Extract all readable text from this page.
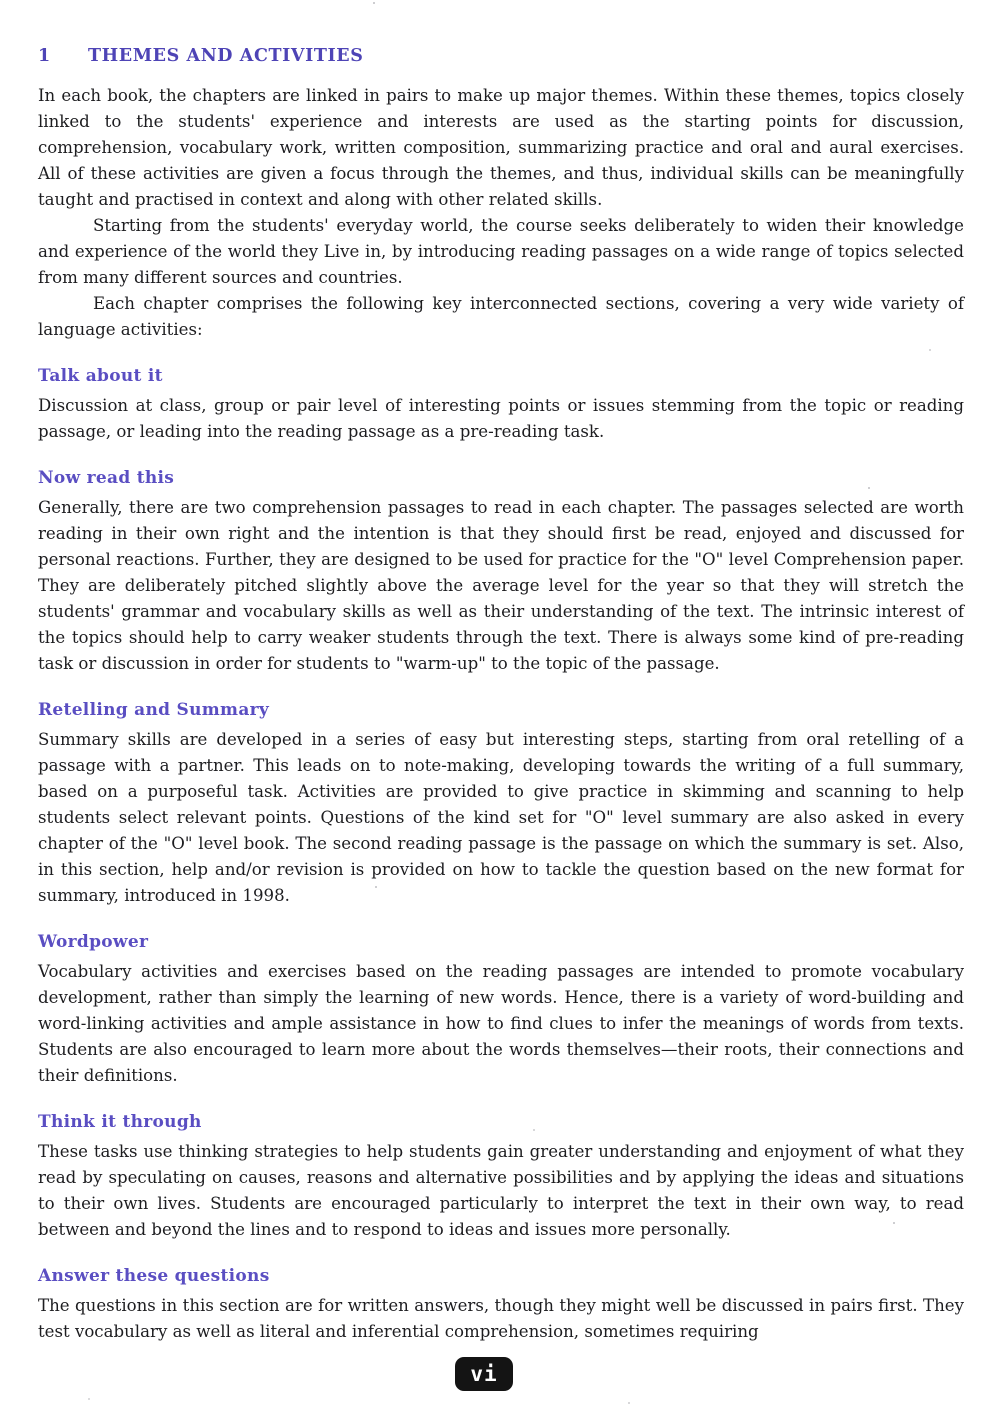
1	THEMES AND ACTIVITIES

In each book, the chapters are linked in pairs to make up major themes. Within these themes, topics closely linked to the students' experience and interests are used as the starting points for discussion, comprehension, vocabulary work, written composition, summarizing practice and oral and aural exercises. All of these activities are given a focus through the themes, and thus, individual skills can be meaningfully taught and practised in context and along with other related skills.

Starting from the students' everyday world, the course seeks deliberately to widen their knowledge and experience of the world they Live in, by introducing reading passages on a wide range of topics selected from many different sources and countries.

Each chapter comprises the following key interconnected sections, covering a very wide variety of language activities:

Talk about it

Discussion at class, group or pair level of interesting points or issues stemming from the topic or reading passage, or leading into the reading passage as a pre-reading task.

Now read this

Generally, there are two comprehension passages to read in each chapter. The passages selected are worth reading in their own right and the intention is that they should first be read, enjoyed and discussed for personal reactions. Further, they are designed to be used for practice for the "O" level Comprehension paper. They are deliberately pitched slightly above the average level for the year so that they will stretch the students' grammar and vocabulary skills as well as their understanding of the text. The intrinsic interest of the topics should help to carry weaker students through the text. There is always some kind of pre-reading task or discussion in order for students to "warm-up" to the topic of the passage.

Retelling and Summary

Summary skills are developed in a series of easy but interesting steps, starting from oral retelling of a passage with a partner. This leads on to note-making, developing towards the writing of a full summary, based on a purposeful task. Activities are provided to give practice in skimming and scanning to help students select relevant points. Questions of the kind set for "O" level summary are also asked in every chapter of the "O" level book. The second reading passage is the passage on which the summary is set. Also, in this section, help and/or revision is provided on how to tackle the question based on the new format for summary, introduced in 1998.

Wordpower

Vocabulary activities and exercises based on the reading passages are intended to promote vocabulary development, rather than simply the learning of new words. Hence, there is a variety of word-building and word-linking activities and ample assistance in how to find clues to infer the meanings of words from texts. Students are also encouraged to learn more about the words themselves—their roots, their connections and their definitions.

Think it through

These tasks use thinking strategies to help students gain greater understanding and enjoyment of what they read by speculating on causes, reasons and alternative possibilities and by applying the ideas and situations to their own lives. Students are encouraged particularly to interpret the text in their own way, to read between and beyond the lines and to respond to ideas and issues more personally.

Answer these questions

The questions in this section are for written answers, though they might well be discussed in pairs first. They test vocabulary as well as literal and inferential comprehension, sometimes requiring

vi
